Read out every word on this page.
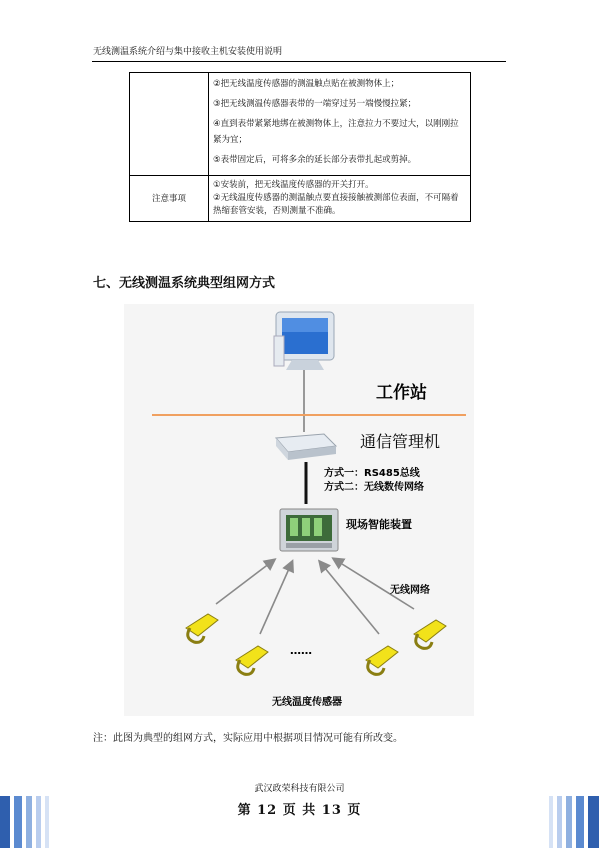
无线测温系统介绍与集中接收主机安装使用说明

	②把无线温度传感器的测温触点贴在被测物体上；
③把无线测温传感器表带的一端穿过另一端慢慢拉紧；
④直到表带紧紧地绑在被测物体上，注意拉力不要过大，以刚刚拉紧为宜；
⑤表带固定后，可将多余的延长部分表带扎起或剪掉。

注意事项	①安装前，把无线温度传感器的开关打开。
②无线温度传感器的测温触点要直接接触被测部位表面，不可隔着热缩套管安装，否则测量不准确。
七、无线测温系统典型组网方式
工作站
通信管理机
方式一：RS485总线
方式二：无线数传网络
现场智能装置
无线网络
……
无线温度传感器
注：此图为典型的组网方式，实际应用中根据项目情况可能有所改变。
武汉政荣科技有限公司
第 12 页 共 13 页
